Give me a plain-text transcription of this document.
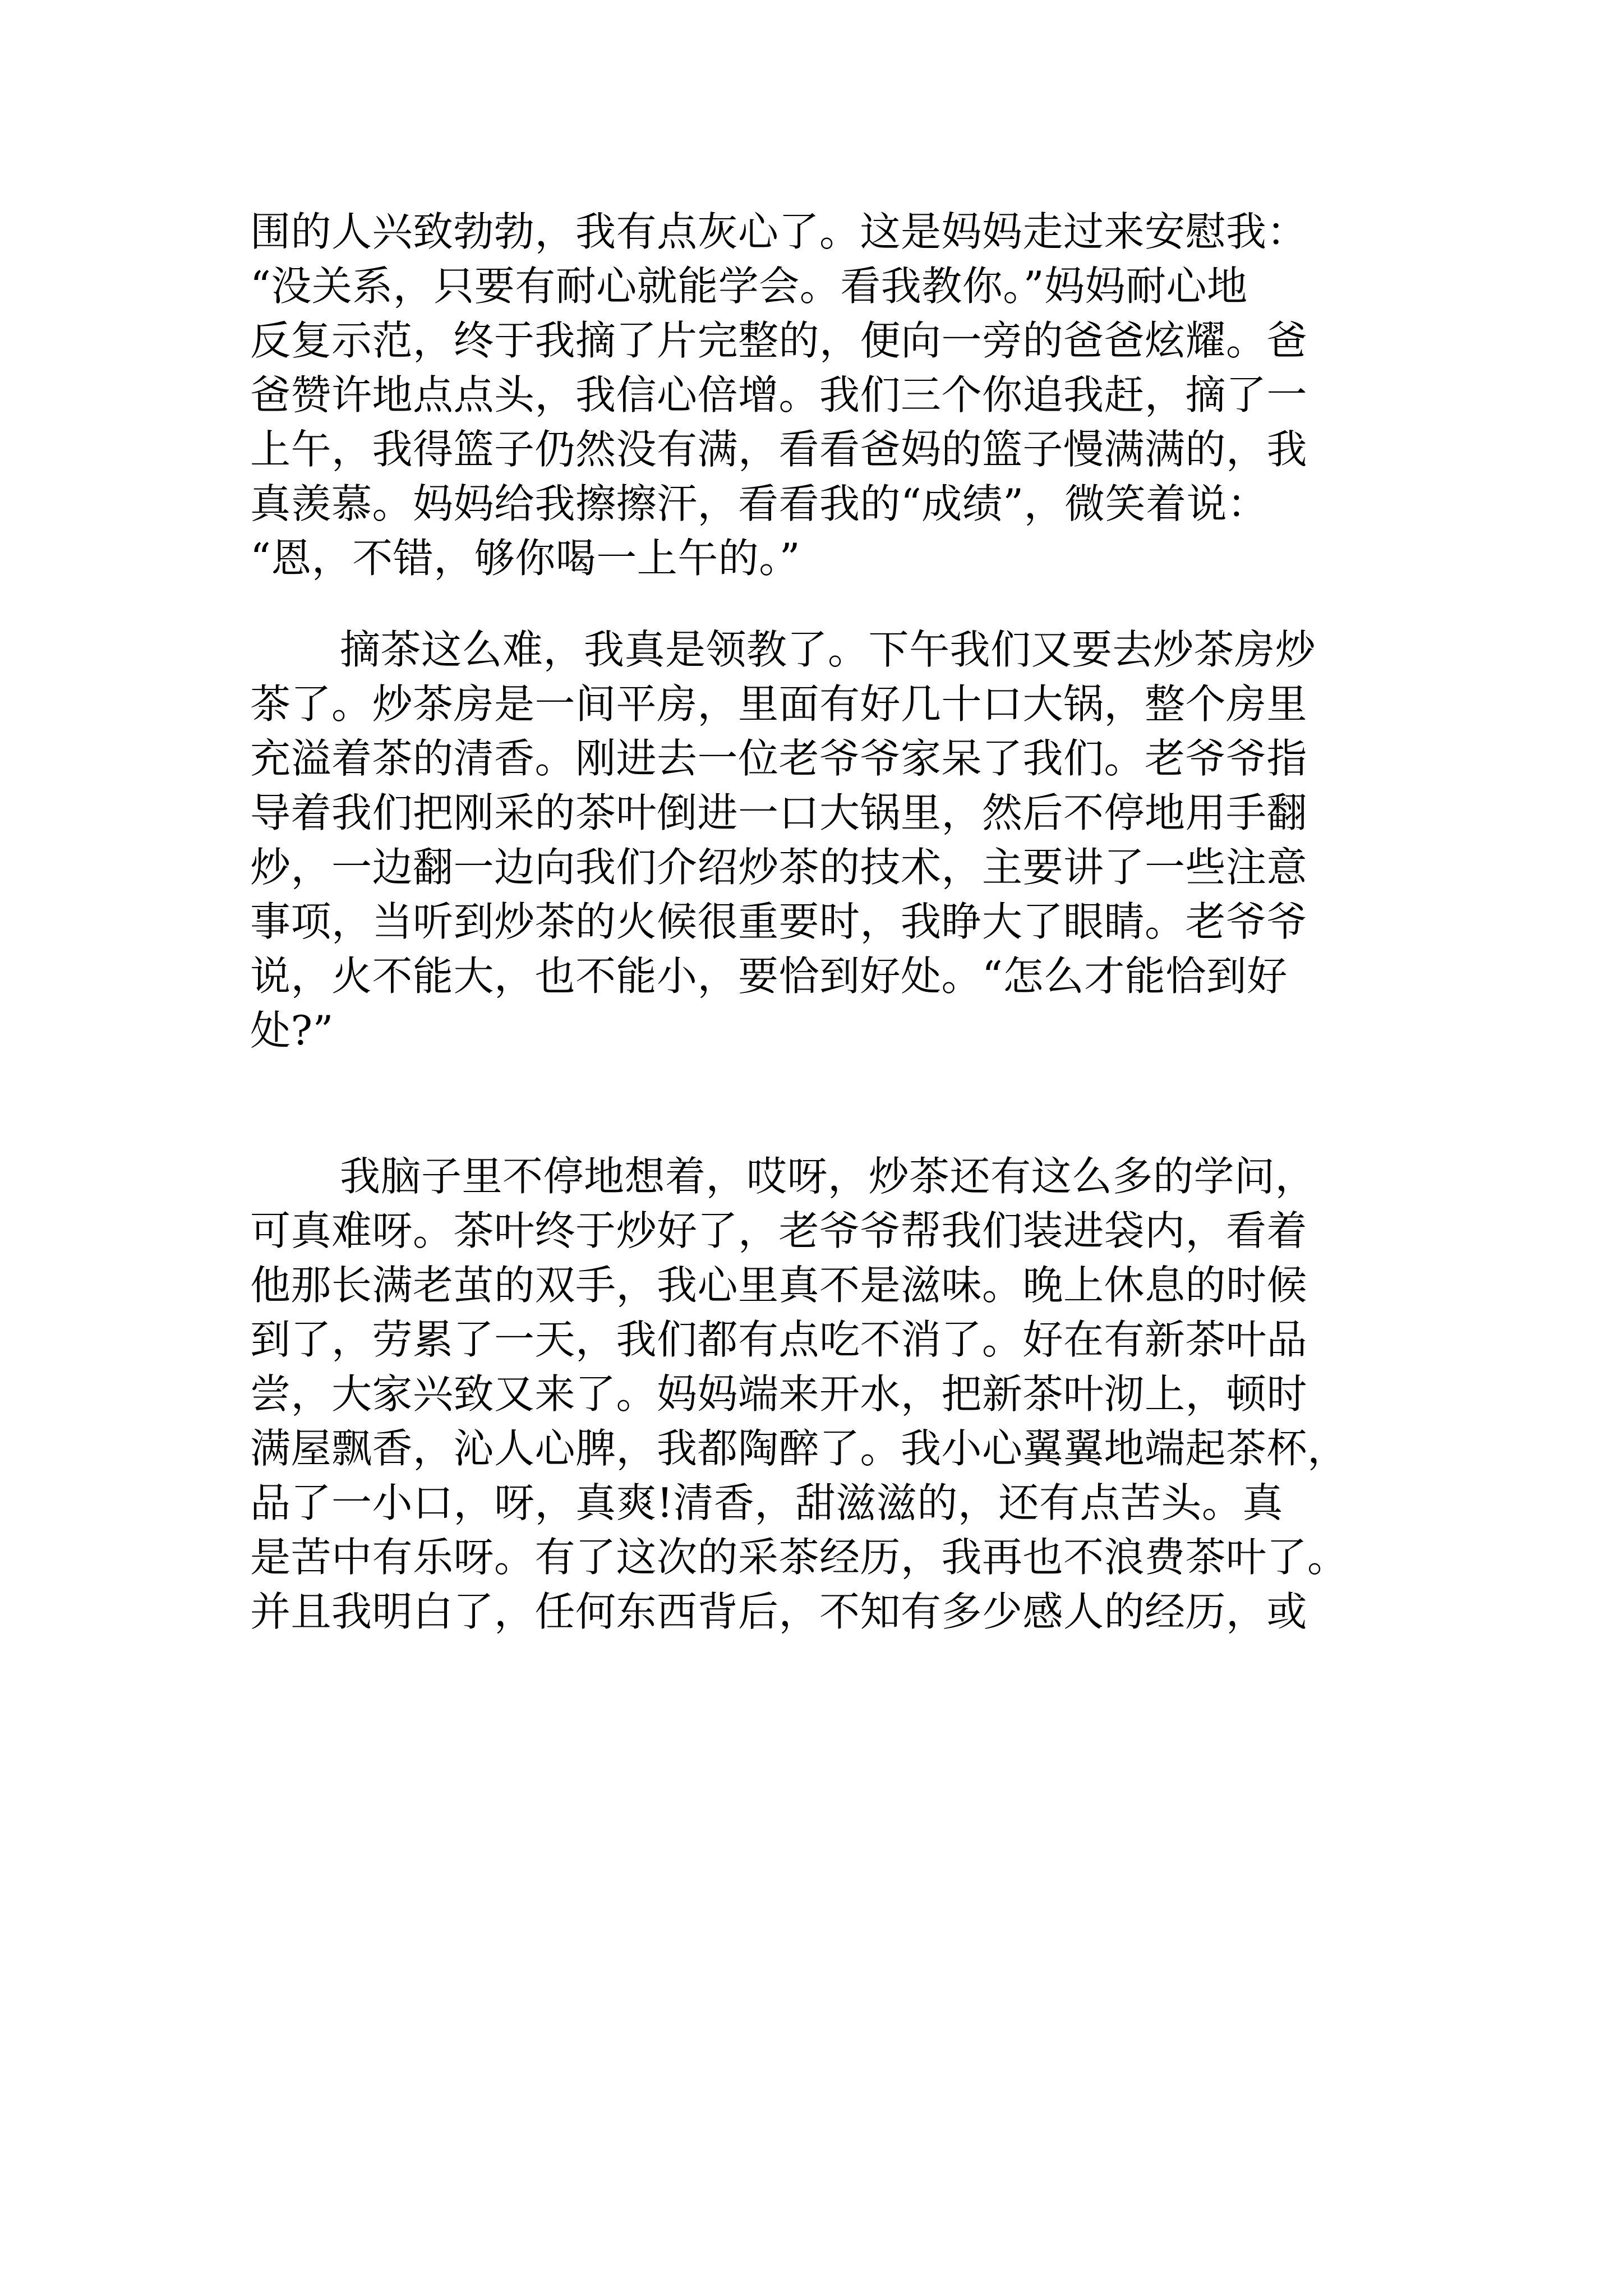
围的人兴致勃勃，我有点灰心了。这是妈妈走过来安慰我：
“没关系，只要有耐心就能学会。看我教你。”妈妈耐心地
反复示范，终于我摘了片完整的，便向一旁的爸爸炫耀。爸
爸赞许地点点头，我信心倍增。我们三个你追我赶，摘了一
上午，我得篮子仍然没有满，看看爸妈的篮子慢满满的，我
真羡慕。妈妈给我擦擦汗，看看我的“成绩”，微笑着说：
“恩，不错，够你喝一上午的。”
摘茶这么难，我真是领教了。下午我们又要去炒茶房炒
茶了。炒茶房是一间平房，里面有好几十口大锅，整个房里
充溢着茶的清香。刚进去一位老爷爷家呆了我们。老爷爷指
导着我们把刚采的茶叶倒进一口大锅里，然后不停地用手翻
炒，一边翻一边向我们介绍炒茶的技术，主要讲了一些注意
事项，当听到炒茶的火候很重要时，我睁大了眼睛。老爷爷
说，火不能大，也不能小，要恰到好处。“怎么才能恰到好
处?”
我脑子里不停地想着，哎呀，炒茶还有这么多的学问，
可真难呀。茶叶终于炒好了，老爷爷帮我们装进袋内，看着
他那长满老茧的双手，我心里真不是滋味。晚上休息的时候
到了，劳累了一天，我们都有点吃不消了。好在有新茶叶品
尝，大家兴致又来了。妈妈端来开水，把新茶叶沏上，顿时
满屋飘香，沁人心脾，我都陶醉了。我小心翼翼地端起茶杯，
品了一小口，呀，真爽!清香，甜滋滋的，还有点苦头。真
是苦中有乐呀。有了这次的采茶经历，我再也不浪费茶叶了。
并且我明白了，任何东西背后，不知有多少感人的经历，或
